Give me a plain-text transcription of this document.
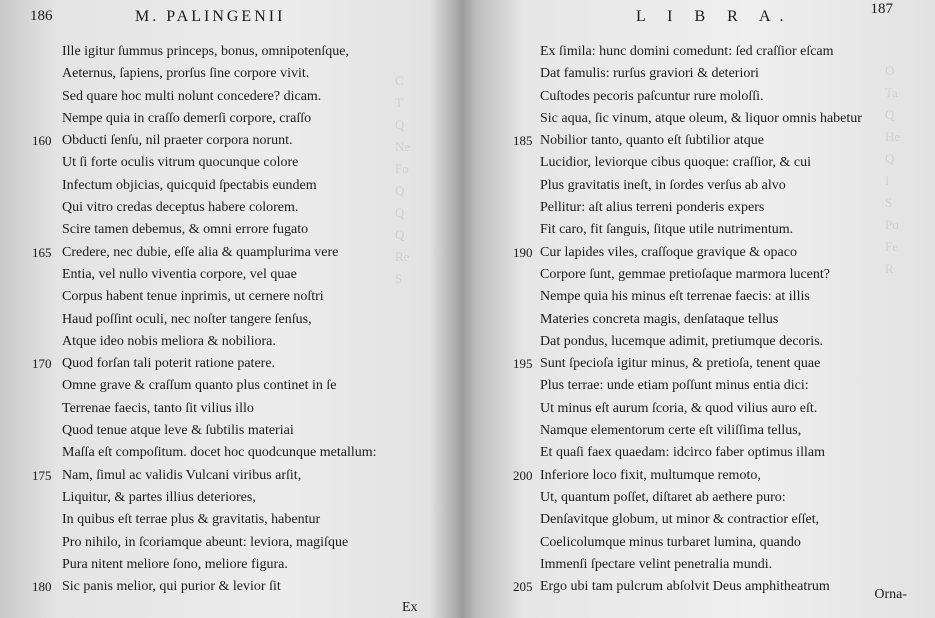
C
T
Q
Ne
Fo
Q
Q
Q
Re
S
O
Ta
Q
He
Q
I
S
Po
Fe
R
186	M. PALINGENII
Ille igitur ſummus princeps, bonus, omnipotenſque,
Aeternus, ſapiens, prorſus ſine corpore vivit.
Sed quare hoc multi nolunt concedere? dicam.
Nempe quia in craſſo demerſi corpore, craſſo
160 Obducti ſenſu, nil praeter corpora norunt.
Ut ſi forte oculis vitrum quocunque colore
Infectum objicias, quicquid ſpectabis eundem
Qui vitro credas deceptus habere colorem.
Scire tamen debemus, & omni errore fugato
165 Credere, nec dubie, eſſe alia & quamplurima vere
Entia, vel nullo viventia corpore, vel quae
Corpus habent tenue inprimis, ut cernere noſtri
Haud poſſint oculi, nec noſter tangere ſenſus,
Atque ideo nobis meliora & nobiliora.
170 Quod forſan tali poterit ratione patere.
Omne grave & craſſum quanto plus continet in ſe
Terrenae faecis, tanto ſit vilius illo
Quod tenue atque leve & ſubtilis materiai
Maſſa eſt compoſitum. docet hoc quodcunque metallum:
175 Nam, ſimul ac validis Vulcani viribus arſit,
Liquitur, & partes illius deteriores,
In quibus eſt terrae plus & gravitatis, habentur
Pro nihilo, in ſcoriamque abeunt: leviora, magiſque
Pura nitent meliore ſono, meliore figura.
180 Sic panis melior, qui purior & levior ſit
Ex
L I B R A.	187
Ex ſimila: hunc domini comedunt: ſed craſſior eſcam
Dat famulis: rurſus graviori & deteriori
Cuſtodes pecoris paſcuntur rure moloſſi.
Sic aqua, ſic vinum, atque oleum, & liquor omnis habetur
185 Nobilior tanto, quanto eſt ſubtilior atque
Lucidior, leviorque cibus quoque: craſſior, & cui
Plus gravitatis ineſt, in ſordes verſus ab alvo
Pellitur: aſt alius terreni ponderis expers
Fit caro, fit ſanguis, ſitque utile nutrimentum.
190 Cur lapides viles, craſſoque gravique & opaco
Corpore ſunt, gemmae pretioſaque marmora lucent?
Nempe quia his minus eſt terrenae faecis: at illis
Materies concreta magis, denſataque tellus
Dat pondus, lucemque adimit, pretiumque decoris.
195 Sunt ſpecioſa igitur minus, & pretioſa, tenent quae
Plus terrae: unde etiam poſſunt minus entia dici:
Ut minus eſt aurum ſcoria, & quod vilius auro eſt.
Namque elementorum certe eſt viliſſima tellus,
Et quaſi faex quaedam: idcirco faber optimus illam
200 Inferiore loco fixit, multumque remoto,
Ut, quantum poſſet, diſtaret ab aethere puro:
Denſavitque globum, ut minor & contractior eſſet,
Coelicolumque minus turbaret lumina, quando
Immenſi ſpectare velint penetralia mundi.
205 Ergo ubi tam pulcrum abſolvit Deus amphitheatrum
Orna-
